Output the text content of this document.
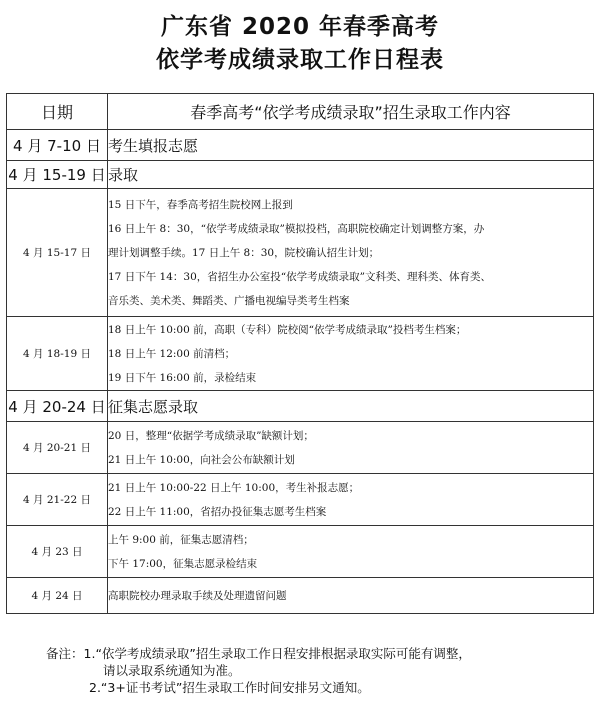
广东省 2020 年春季高考
依学考成绩录取工作日程表
日期	春季高考“依学考成绩录取”招生录取工作内容
4 月 7-10 日	考生填报志愿
4 月 15-19 日	录取
4 月 15-17 日	15 日下午，春季高考招生院校网上报到
16 日上午 8：30，“依学考成绩录取”模拟投档，高职院校确定计划调整方案，办
理计划调整手续。17 日上午 8：30，院校确认招生计划；
17 日下午 14：30，省招生办公室投“依学考成绩录取”文科类、理科类、体育类、
音乐类、美术类、舞蹈类、广播电视编导类考生档案

4 月 18-19 日	18 日上午 10:00 前，高职（专科）院校阅“依学考成绩录取”投档考生档案；
18 日上午 12:00 前清档；
19 日下午 16:00 前，录检结束

4 月 20-24 日	征集志愿录取
4 月 20-21 日	20 日，整理“依据学考成绩录取”缺额计划；
21 日上午 10:00，向社会公布缺额计划

4 月 21-22 日	21 日上午 10:00-22 日上午 10:00，考生补报志愿；
22 日上午 11:00，省招办投征集志愿考生档案

4 月 23 日	上午 9:00 前，征集志愿清档；
下午 17:00，征集志愿录检结束

4 月 24 日	高职院校办理录取手续及处理遗留问题
备注：1.“依学考成绩录取”招生录取工作日程安排根据录取实际可能有调整，
请以录取系统通知为准。
2.“3+证书考试”招生录取工作时间安排另文通知。
